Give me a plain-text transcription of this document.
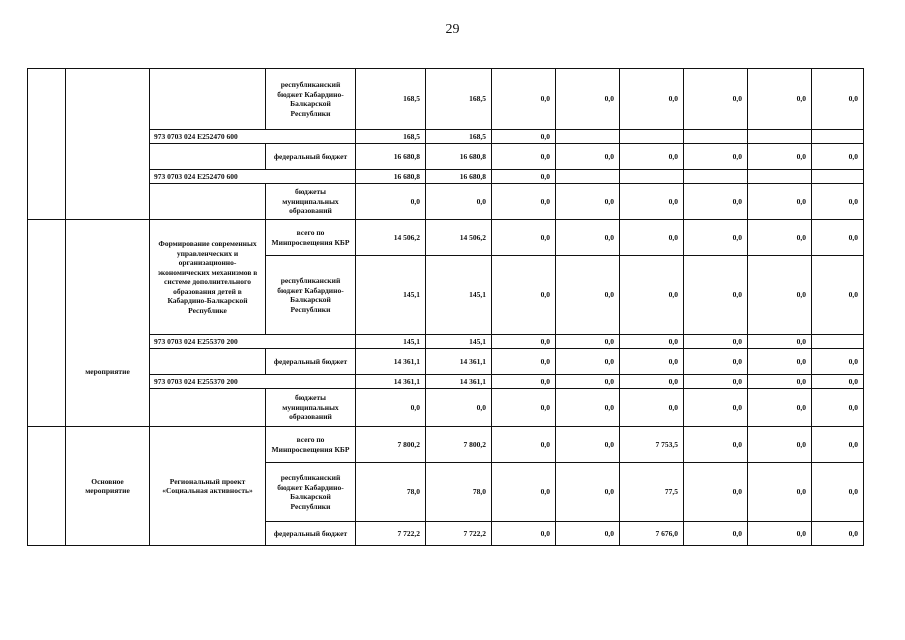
29
			республиканский бюджет Кабардино-Балкарской Республики	168,5	168,5	0,0	0,0	0,0	0,0	0,0	0,0
		973 0703 024 E252470 600		168,5	168,5	0,0					
			федеральный бюджет	16 680,8	16 680,8	0,0	0,0	0,0	0,0	0,0	0,0
		973 0703 024 E252470 600		16 680,8	16 680,8	0,0					
			бюджеты муниципальных образований	0,0	0,0	0,0	0,0	0,0	0,0	0,0	0,0
	мероприятие	Формирование современных управленческих и организационно-экономических механизмов в системе дополнительного образования детей в Кабардино-Балкарской Республике	всего по Минпросвещения КБР	14 506,2	14 506,2	0,0	0,0	0,0	0,0	0,0	0,0
			республиканский бюджет Кабардино-Балкарской Республики	145,1	145,1	0,0	0,0	0,0	0,0	0,0	0,0
		973 0703 024 E255370 200		145,1	145,1	0,0	0,0	0,0	0,0	0,0	
			федеральный бюджет	14 361,1	14 361,1	0,0	0,0	0,0	0,0	0,0	0,0
		973 0703 024 E255370 200		14 361,1	14 361,1	0,0	0,0	0,0	0,0	0,0	0,0
			бюджеты муниципальных образований	0,0	0,0	0,0	0,0	0,0	0,0	0,0	0,0
	Основное мероприятие	Региональный проект «Социальная активность»	всего по Минпросвещения КБР	7 800,2	7 800,2	0,0	0,0	7 753,5	0,0	0,0	0,0
			республиканский бюджет Кабардино-Балкарской Республики	78,0	78,0	0,0	0,0	77,5	0,0	0,0	0,0
			федеральный бюджет	7 722,2	7 722,2	0,0	0,0	7 676,0	0,0	0,0	0,0
